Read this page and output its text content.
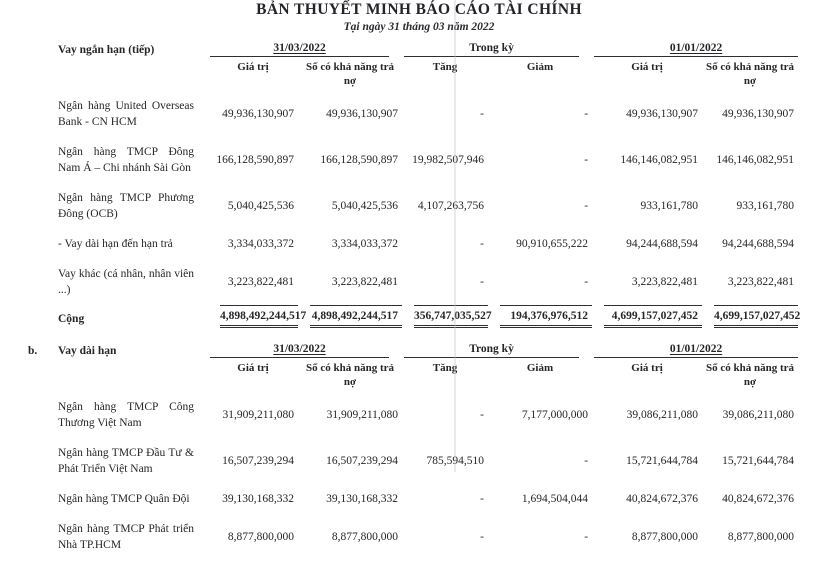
BẢN THUYẾT MINH BÁO CÁO TÀI CHÍNH
Tại ngày 31 tháng 03 năm 2022
	Vay ngắn hạn (tiếp)	31/03/2022		Trong kỳ		01/01/2022	

		Giá trị	Số có khả năng trả nợ	Tăng	Giảm	Giá trị	Số có khả năng trả nợ
	Ngân hàng United Overseas Bank - CN HCM	49,936,130,907	49,936,130,907	-	-	49,936,130,907	49,936,130,907
	Ngân hàng TMCP Đông Nam Á – Chi nhánh Sài Gòn	166,128,590,897	166,128,590,897	19,982,507,946	-	146,146,082,951	146,146,082,951
	Ngân hàng TMCP Phương Đông (OCB)	5,040,425,536	5,040,425,536	4,107,263,756	-	933,161,780	933,161,780
	- Vay dài hạn đến hạn trả	3,334,033,372	3,334,033,372	-	90,910,655,222	94,244,688,594	94,244,688,594
	Vay khác (cá nhân, nhân viên ...)	3,223,822,481	3,223,822,481	-	-	3,223,822,481	3,223,822,481
	Cộng	4,898,492,244,517	4,898,492,244,517	356,747,035,527	194,376,976,512	4,699,157,027,452	4,699,157,027,452
b.	Vay dài hạn	31/03/2022		Trong kỳ		01/01/2022	

		Giá trị	Số có khả năng trả nợ	Tăng	Giảm	Giá trị	Số có khả năng trả nợ
	Ngân hàng TMCP Công Thương Việt Nam	31,909,211,080	31,909,211,080	-	7,177,000,000	39,086,211,080	39,086,211,080
	Ngân hàng TMCP Đầu Tư & Phát Triển Việt Nam	16,507,239,294	16,507,239,294	785,594,510	-	15,721,644,784	15,721,644,784
	Ngân hàng TMCP Quân Đội	39,130,168,332	39,130,168,332	-	1,694,504,044	40,824,672,376	40,824,672,376
	Ngân hàng TMCP Phát triển Nhà TP.HCM	8,877,800,000	8,877,800,000	-	-	8,877,800,000	8,877,800,000
